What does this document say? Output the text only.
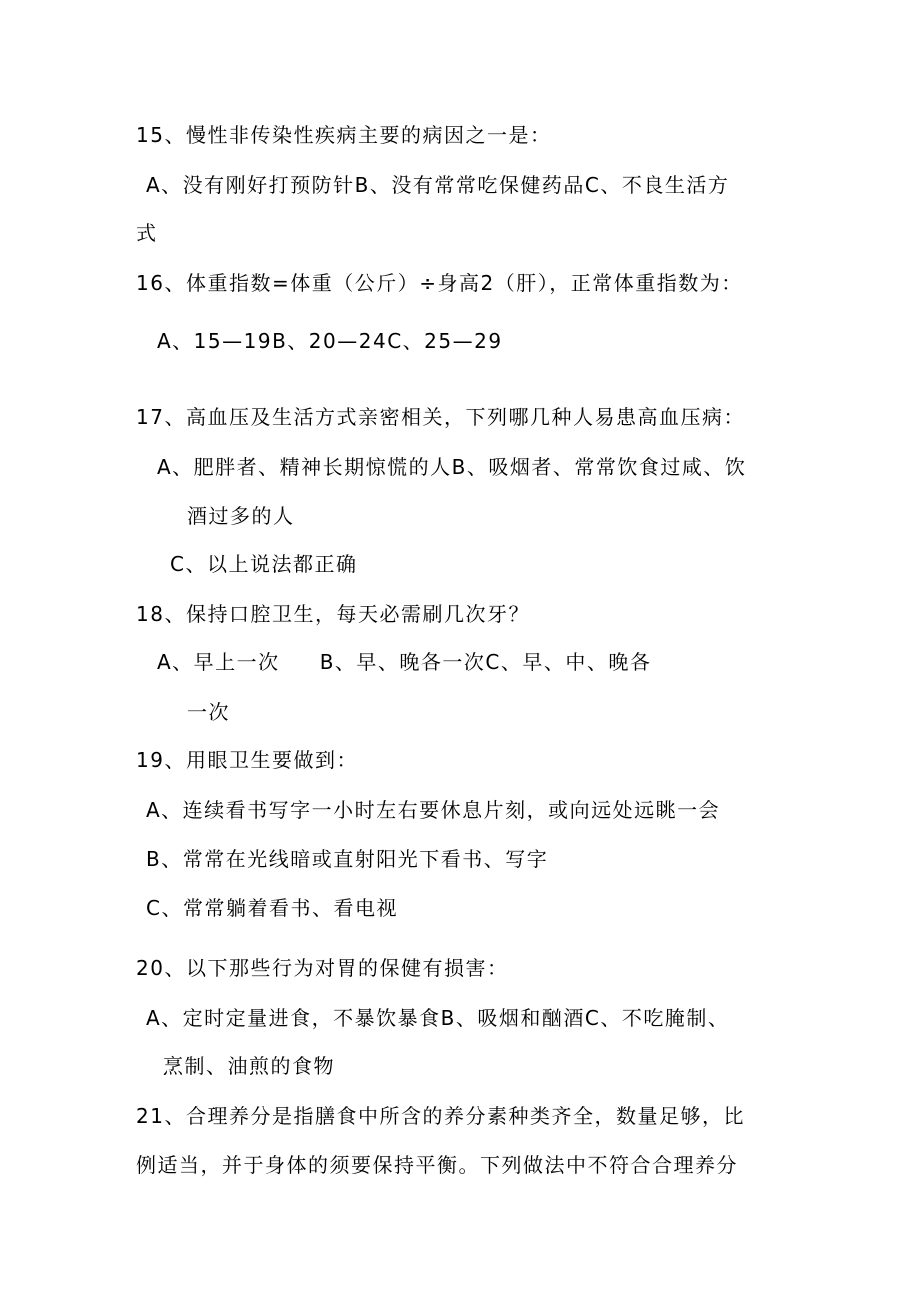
15、慢性非传染性疾病主要的病因之一是：
A、没有刚好打预防针B、没有常常吃保健药品C、不良生活方
式
16、体重指数=体重（公斤）÷身高2（肝），正常体重指数为：
A、15—19B、20—24C、25—29
17、高血压及生活方式亲密相关，下列哪几种人易患高血压病：
A、肥胖者、精神长期惊慌的人B、吸烟者、常常饮食过咸、饮
酒过多的人
C、以上说法都正确
18、保持口腔卫生，每天必需刷几次牙？
A、早上一次 B、早、晚各一次C、早、中、晚各
一次
19、用眼卫生要做到：
A、连续看书写字一小时左右要休息片刻，或向远处远眺一会
B、常常在光线暗或直射阳光下看书、写字
C、常常躺着看书、看电视
20、以下那些行为对胃的保健有损害：
A、定时定量进食，不暴饮暴食B、吸烟和酗酒C、不吃腌制、
烹制、油煎的食物
21、合理养分是指膳食中所含的养分素种类齐全，数量足够，比
例适当，并于身体的须要保持平衡。下列做法中不符合合理养分
